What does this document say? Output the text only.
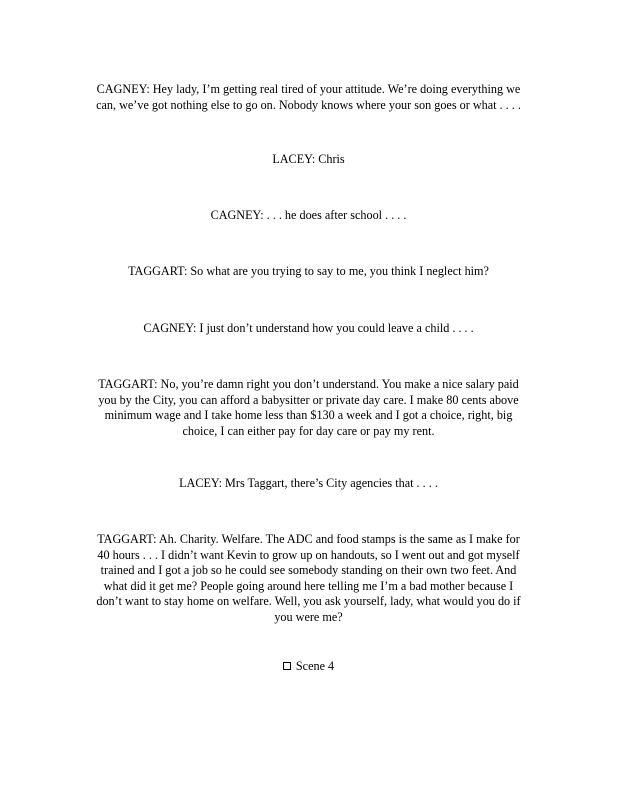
CAGNEY: Hey lady, I’m getting real tired of your attitude. We’re doing everything we can, we’ve got nothing else to go on. Nobody knows where your son goes or what . . . .

LACEY: Chris

CAGNEY: . . . he does after school . . . .

TAGGART: So what are you trying to say to me, you think I neglect him?

CAGNEY: I just don’t understand how you could leave a child . . . .

TAGGART: No, you’re damn right you don’t understand. You make a nice salary paid you by the City, you can afford a babysitter or private day care. I make 80 cents above minimum wage and I take home less than $130 a week and I got a choice, right, big choice, I can either pay for day care or pay my rent.

LACEY: Mrs Taggart, there’s City agencies that . . . .

TAGGART: Ah. Charity. Welfare. The ADC and food stamps is the same as I make for 40 hours . . . I didn’t want Kevin to grow up on handouts, so I went out and got myself trained and I got a job so he could see somebody standing on their own two feet. And what did it get me? People going around here telling me I’m a bad mother because I don’t want to stay home on welfare. Well, you ask yourself, lady, what would you do if you were me?

Scene 4
